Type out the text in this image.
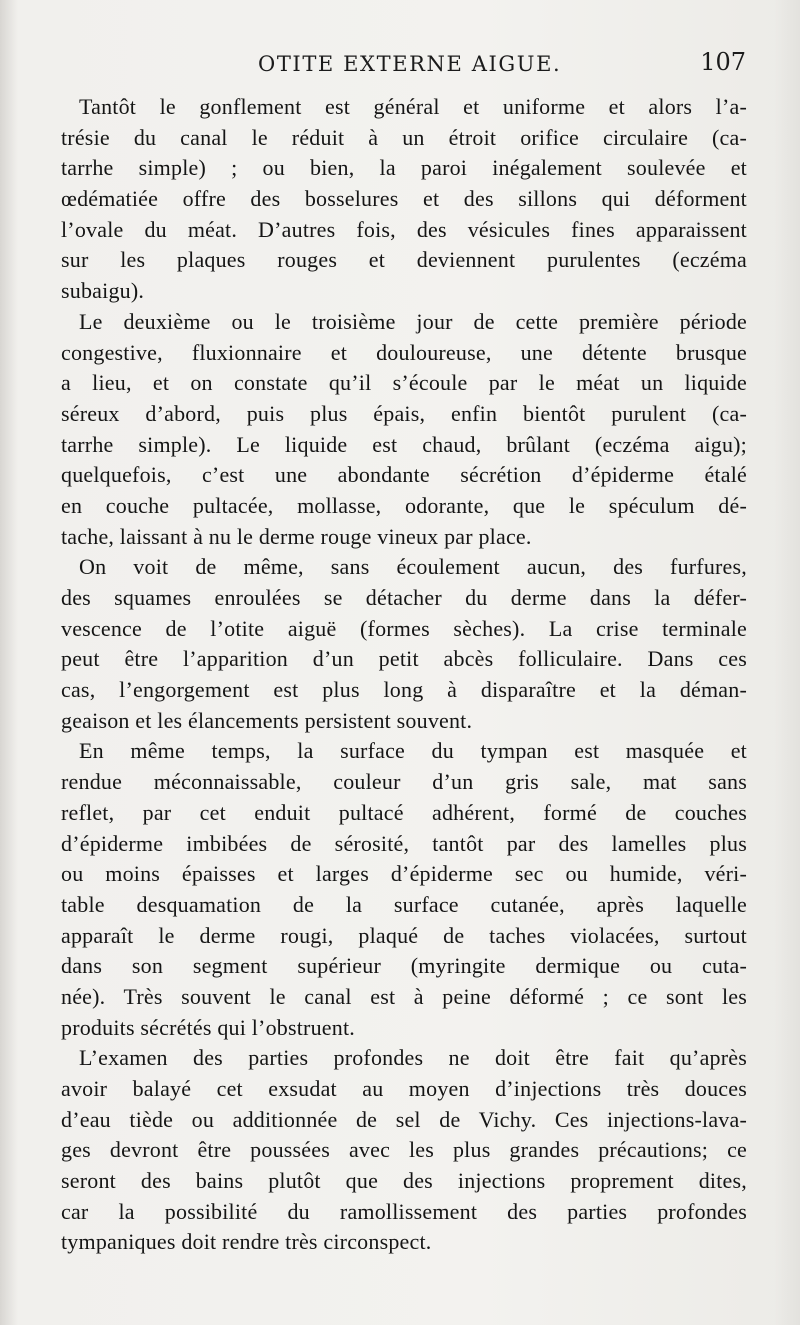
OTITE EXTERNE AIGUE.	107
Tantôt le gonflement est général et uniforme et alors l’a-
trésie du canal le réduit à un étroit orifice circulaire (ca-
tarrhe simple) ; ou bien, la paroi inégalement soulevée et
œdématiée offre des bosselures et des sillons qui déforment
l’ovale du méat. D’autres fois, des vésicules fines apparaissent
sur les plaques rouges et deviennent purulentes (eczéma
subaigu).
Le deuxième ou le troisième jour de cette première période
congestive, fluxionnaire et douloureuse, une détente brusque
a lieu, et on constate qu’il s’écoule par le méat un liquide
séreux d’abord, puis plus épais, enfin bientôt purulent (ca-
tarrhe simple). Le liquide est chaud, brûlant (eczéma aigu);
quelquefois, c’est une abondante sécrétion d’épiderme étalé
en couche pultacée, mollasse, odorante, que le spéculum dé-
tache, laissant à nu le derme rouge vineux par place.
On voit de même, sans écoulement aucun, des furfures,
des squames enroulées se détacher du derme dans la défer-
vescence de l’otite aiguë (formes sèches). La crise terminale
peut être l’apparition d’un petit abcès folliculaire. Dans ces
cas, l’engorgement est plus long à disparaître et la déman-
geaison et les élancements persistent souvent.
En même temps, la surface du tympan est masquée et
rendue méconnaissable, couleur d’un gris sale, mat sans
reflet, par cet enduit pultacé adhérent, formé de couches
d’épiderme imbibées de sérosité, tantôt par des lamelles plus
ou moins épaisses et larges d’épiderme sec ou humide, véri-
table desquamation de la surface cutanée, après laquelle
apparaît le derme rougi, plaqué de taches violacées, surtout
dans son segment supérieur (myringite dermique ou cuta-
née). Très souvent le canal est à peine déformé ; ce sont les
produits sécrétés qui l’obstruent.
L’examen des parties profondes ne doit être fait qu’après
avoir balayé cet exsudat au moyen d’injections très douces
d’eau tiède ou additionnée de sel de Vichy. Ces injections-lava-
ges devront être poussées avec les plus grandes précautions; ce
seront des bains plutôt que des injections proprement dites,
car la possibilité du ramollissement des parties profondes
tympaniques doit rendre très circonspect.
